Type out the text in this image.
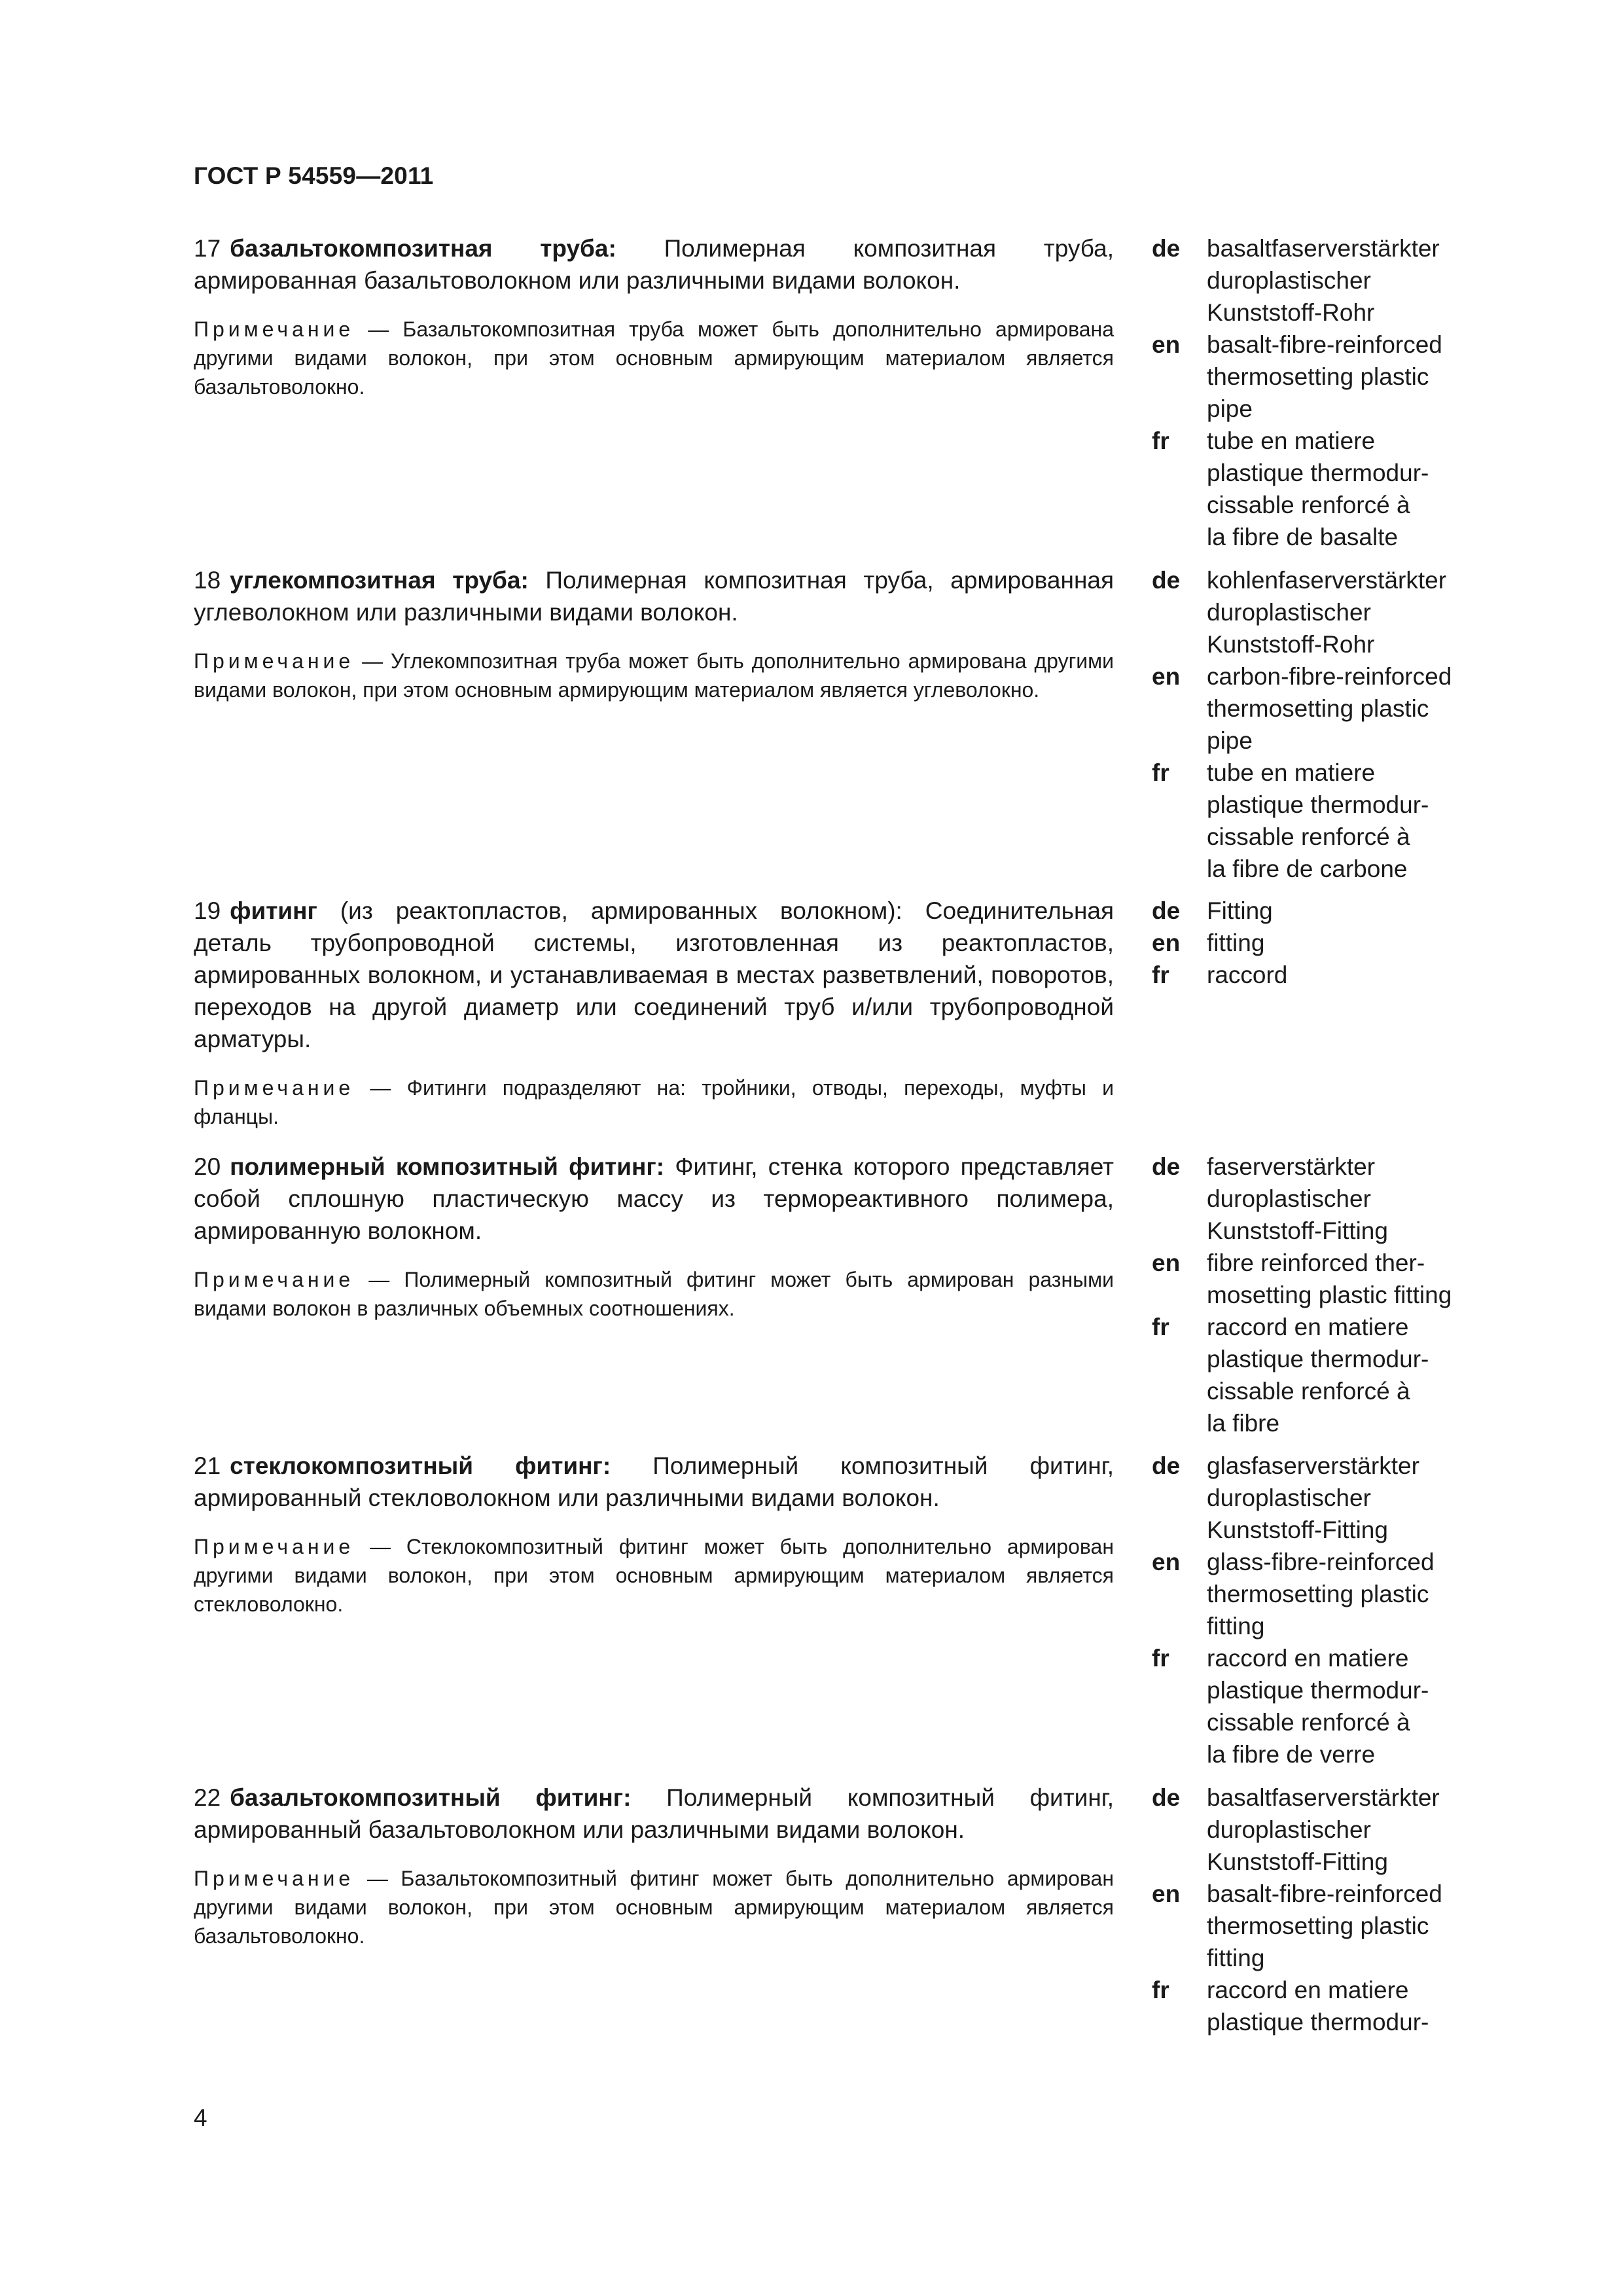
ГОСТ Р 54559—2011

17 базальтокомпозитная труба: Полимерная композитная труба, армированная базальтоволокном или различными видами волокон.

Примечание — Базальтокомпозитная труба может быть дополнительно армирована другими видами волокон, при этом основным армирующим материалом является базальтоволокно.

de	basaltfaserverstärkter
duroplastischer
Kunststoff-Rohr

en	basalt-fibre-reinforced
thermosetting plastic
pipe

fr	tube en matiere
plastique thermodur-
cissable renforcé à
la fibre de basalte

18 углекомпозитная труба: Полимерная композитная труба, армированная углеволокном или различными видами волокон.

Примечание — Углекомпозитная труба может быть дополнительно армирована другими видами волокон, при этом основным армирующим материалом является углеволокно.

de	kohlenfaserverstärkter
duroplastischer
Kunststoff-Rohr

en	carbon-fibre-reinforced
thermosetting plastic
pipe

fr	tube en matiere
plastique thermodur-
cissable renforcé à
la fibre de carbone

19 фитинг (из реактопластов, армированных волокном): Соединительная деталь трубопроводной системы, изготовленная из реактопластов, армированных волокном, и устанавливаемая в местах разветвлений, поворотов, переходов на другой диаметр или соединений труб и/или трубопроводной арматуры.

Примечание — Фитинги подразделяют на: тройники, отводы, переходы, муфты и фланцы.

de	Fitting

en	fitting

fr	raccord

20 полимерный композитный фитинг: Фитинг, стенка которого представляет собой сплошную пластическую массу из термореактивного полимера, армированную волокном.

Примечание — Полимерный композитный фитинг может быть армирован разными видами волокон в различных объемных соотношениях.

de	faserverstärkter
duroplastischer
Kunststoff-Fitting

en	fibre reinforced ther-
mosetting plastic fitting

fr	raccord en matiere
plastique thermodur-
cissable renforcé à
la fibre

21 стеклокомпозитный фитинг: Полимерный композитный фитинг, армированный стекловолокном или различными видами волокон.

Примечание — Стеклокомпозитный фитинг может быть дополнительно армирован другими видами волокон, при этом основным армирующим материалом является стекловолокно.

de	glasfaserverstärkter
duroplastischer
Kunststoff-Fitting

en	glass-fibre-reinforced
thermosetting plastic
fitting

fr	raccord en matiere
plastique thermodur-
cissable renforcé à
la fibre de verre

22 базальтокомпозитный фитинг: Полимерный композитный фитинг, армированный базальтоволокном или различными видами волокон.

Примечание — Базальтокомпозитный фитинг может быть дополнительно армирован другими видами волокон, при этом основным армирующим материалом является базальтоволокно.

de	basaltfaserverstärkter
duroplastischer
Kunststoff-Fitting

en	basalt-fibre-reinforced
thermosetting plastic
fitting

fr	raccord en matiere
plastique thermodur-

4
